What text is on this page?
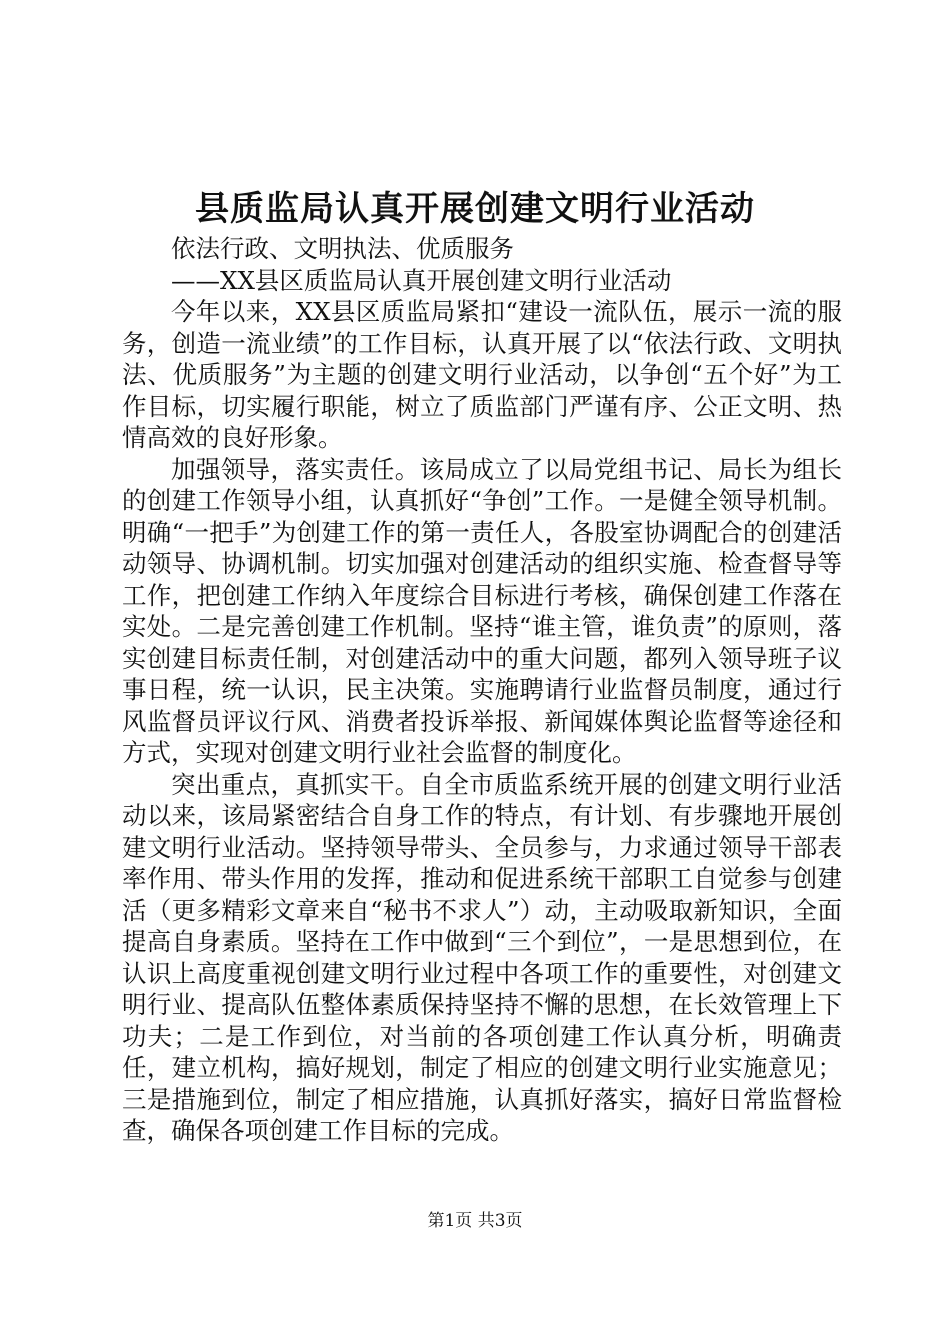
县质监局认真开展创建文明行业活动

依法行政、文明执法、优质服务

——XX县区质监局认真开展创建文明行业活动

今年以来，XX县区质监局紧扣“建设一流队伍，展示一流的服务，创造一流业绩”的工作目标，认真开展了以“依法行政、文明执法、优质服务”为主题的创建文明行业活动，以争创“五个好”为工作目标，切实履行职能，树立了质监部门严谨有序、公正文明、热情高效的良好形象。

加强领导，落实责任。该局成立了以局党组书记、局长为组长的创建工作领导小组，认真抓好“争创”工作。一是健全领导机制。明确“一把手”为创建工作的第一责任人，各股室协调配合的创建活动领导、协调机制。切实加强对创建活动的组织实施、检查督导等工作，把创建工作纳入年度综合目标进行考核，确保创建工作落在实处。二是完善创建工作机制。坚持“谁主管，谁负责”的原则，落实创建目标责任制，对创建活动中的重大问题，都列入领导班子议事日程，统一认识，民主决策。实施聘请行业监督员制度，通过行风监督员评议行风、消费者投诉举报、新闻媒体舆论监督等途径和方式，实现对创建文明行业社会监督的制度化。

突出重点，真抓实干。自全市质监系统开展的创建文明行业活动以来，该局紧密结合自身工作的特点，有计划、有步骤地开展创建文明行业活动。坚持领导带头、全员参与，力求通过领导干部表率作用、带头作用的发挥，推动和促进系统干部职工自觉参与创建活（更多精彩文章来自“秘书不求人”）动，主动吸取新知识，全面提高自身素质。坚持在工作中做到“三个到位”，一是思想到位，在认识上高度重视创建文明行业过程中各项工作的重要性，对创建文明行业、提高队伍整体素质保持坚持不懈的思想，在长效管理上下功夫；二是工作到位，对当前的各项创建工作认真分析，明确责任，建立机构，搞好规划，制定了相应的创建文明行业实施意见；三是措施到位，制定了相应措施，认真抓好落实，搞好日常监督检查，确保各项创建工作目标的完成。

第1页 共3页
